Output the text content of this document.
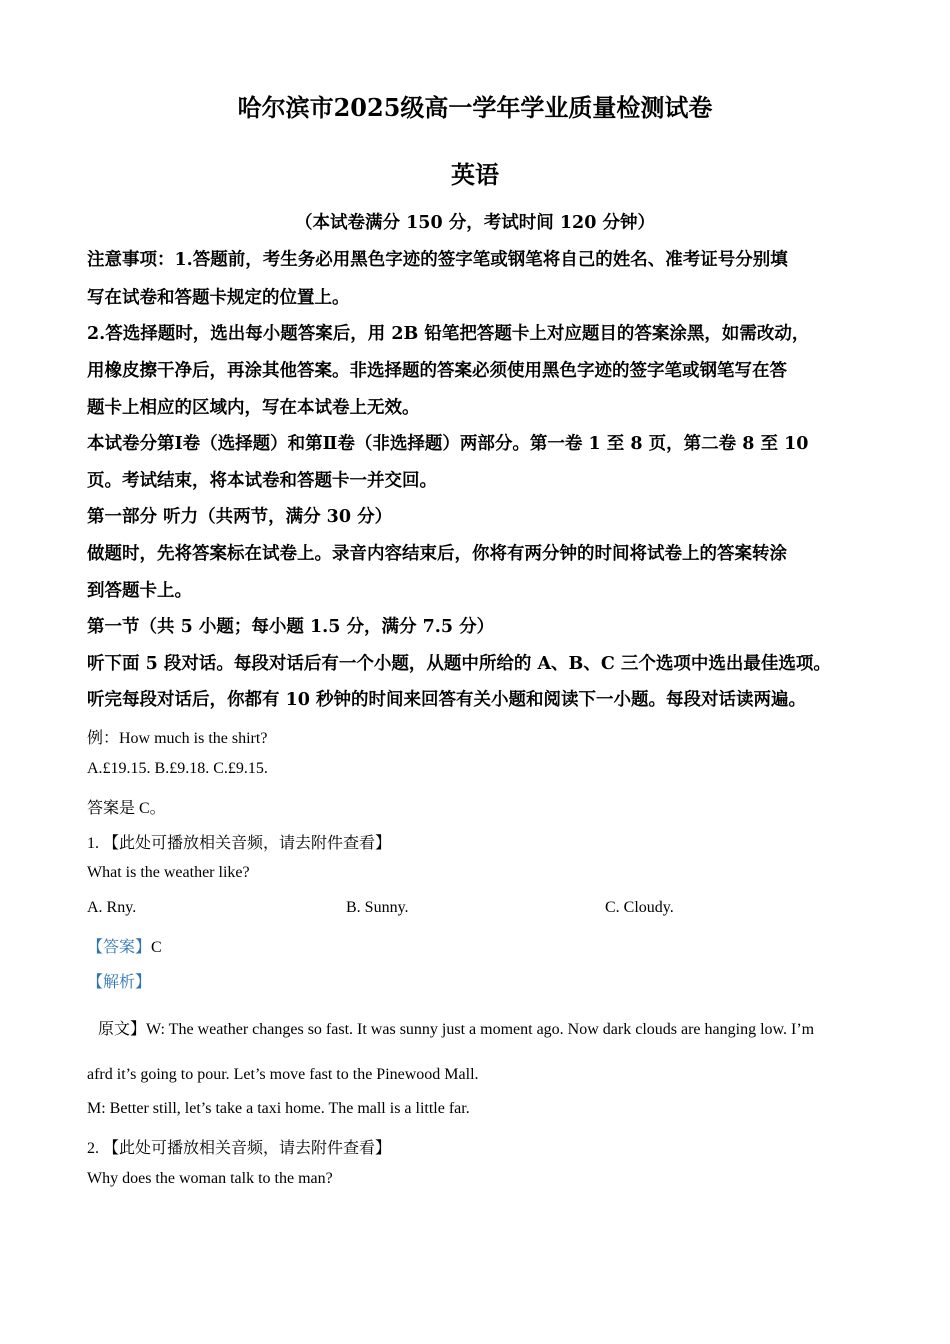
哈尔滨市2025级高一学年学业质量检测试卷
英语
（本试卷满分 150 分，考试时间 120 分钟）
注意事项：1.答题前，考生务必用黑色字迹的签字笔或钢笔将自己的姓名、准考证号分别填
写在试卷和答题卡规定的位置上。
2.答选择题时，选出每小题答案后，用 2B 铅笔把答题卡上对应题目的答案涂黑，如需改动，
用橡皮擦干净后，再涂其他答案。非选择题的答案必须使用黑色字迹的签字笔或钢笔写在答
题卡上相应的区域内，写在本试卷上无效。
本试卷分第Ⅰ卷（选择题）和第Ⅱ卷（非选择题）两部分。第一卷 1 至 8 页，第二卷 8 至 10
页。考试结束，将本试卷和答题卡一并交回。
第一部分 听力（共两节，满分 30 分）
做题时，先将答案标在试卷上。录音内容结束后，你将有两分钟的时间将试卷上的答案转涂
到答题卡上。
第一节（共 5 小题；每小题 1.5 分，满分 7.5 分）
听下面 5 段对话。每段对话后有一个小题，从题中所给的 A、B、C 三个选项中选出最佳选项。
听完每段对话后，你都有 10 秒钟的时间来回答有关小题和阅读下一小题。每段对话读两遍。
例：How much is the shirt?
A.£19.15. B.£9.18. C.£9.15.
答案是 C。
1. 【此处可播放相关音频，请去附件查看】
What is the weather like?
A. Rny.	B. Sunny.	C. Cloudy.
【答案】C
【解析】
原文】W: The weather changes so fast. It was sunny just a moment ago. Now dark clouds are hanging low. I’m
afrd it’s going to pour. Let’s move fast to the Pinewood Mall.
M: Better still, let’s take a taxi home. The mall is a little far.
2. 【此处可播放相关音频，请去附件查看】
Why does the woman talk to the man?
